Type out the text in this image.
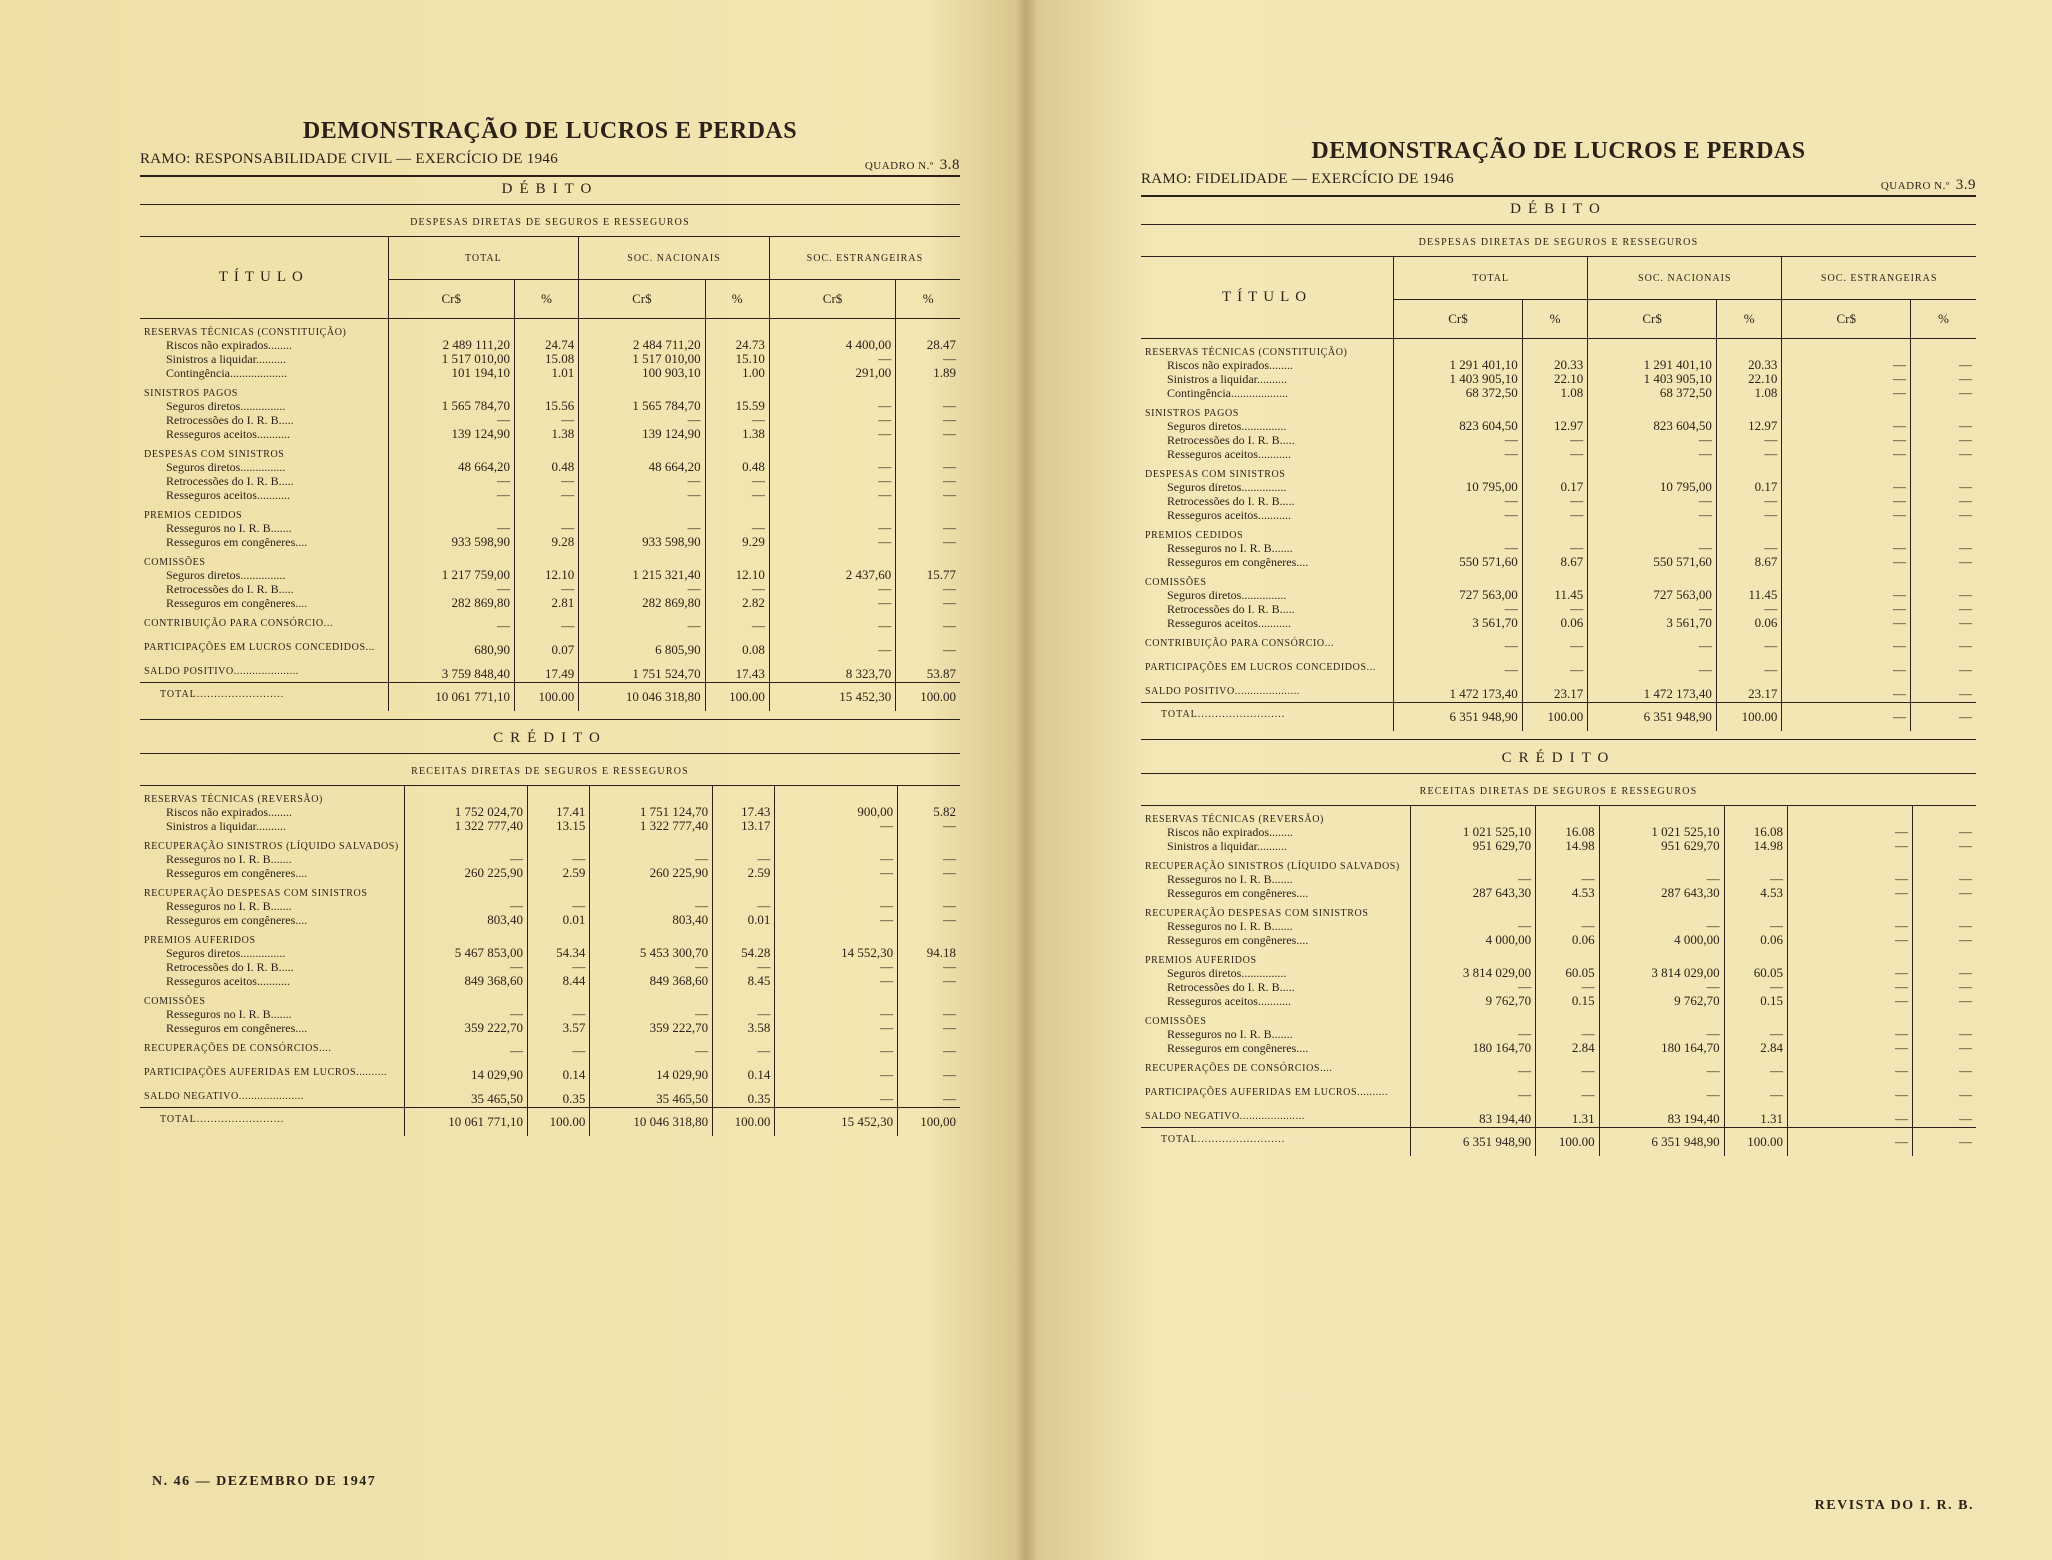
DEMONSTRAÇÃO DE LUCROS E PERDAS
RAMO: RESPONSABILIDADE CIVIL — EXERCÍCIO DE 1946	QUADRO N.º 3.8
DÉBITO
DESPESAS DIRETAS DE SEGUROS E RESSEGUROS
TÍTULO	TOTAL		SOC. NACIONAIS		SOC. ESTRANGEIRAS	
	Cr$	%	Cr$	%	Cr$	%
RESERVAS TÉCNICAS (CONSTITUIÇÃO)						
Riscos não expirados........	2 489 111,20	24.74	2 484 711,20	24.73	4 400,00	28.47
Sinistros a liquidar..........	1 517 010,00	15.08	1 517 010,00	15.10	—	—
Contingência...................	101 194,10	1.01	100 903,10	1.00	291,00	1.89
SINISTROS PAGOS						
Seguros diretos...............	1 565 784,70	15.56	1 565 784,70	15.59	—	—
Retrocessões do I. R. B.....	—	—	—	—	—	—
Resseguros aceitos...........	139 124,90	1.38	139 124,90	1.38	—	—
DESPESAS COM SINISTROS						
Seguros diretos...............	48 664,20	0.48	48 664,20	0.48	—	—
Retrocessões do I. R. B.....	—	—	—	—	—	—
Resseguros aceitos...........	—	—	—	—	—	—
PREMIOS CEDIDOS						
Resseguros no I. R. B.......	—	—	—	—	—	—
Resseguros em congêneres....	933 598,90	9.28	933 598,90	9.29	—	—
COMISSÕES						
Seguros diretos...............	1 217 759,00	12.10	1 215 321,40	12.10	2 437,60	15.77
Retrocessões do I. R. B.....	—	—	—	—	—	—
Resseguros em congêneres....	282 869,80	2.81	282 869,80	2.82	—	—
CONTRIBUIÇÃO PARA CONSÓRCIO...	—	—	—	—	—	—
PARTICIPAÇÕES EM LUCROS CONCEDIDOS...	680,90	0.07	6 805,90	0.08	—	—
SALDO POSITIVO.....................	3 759 848,40	17.49	1 751 524,70	17.43	8 323,70	53.87
TOTAL.........................	10 061 771,10	100.00	10 046 318,80	100.00	15 452,30	100.00
CRÉDITO
RECEITAS DIRETAS DE SEGUROS E RESSEGUROS
RESERVAS TÉCNICAS (REVERSÃO)						
Riscos não expirados........	1 752 024,70	17.41	1 751 124,70	17.43	900,00	5.82
Sinistros a liquidar..........	1 322 777,40	13.15	1 322 777,40	13.17	—	—
RECUPERAÇÃO SINISTROS (LÍQUIDO SALVADOS)						
Resseguros no I. R. B.......	—	—	—	—	—	—
Resseguros em congêneres....	260 225,90	2.59	260 225,90	2.59	—	—
RECUPERAÇÃO DESPESAS COM SINISTROS						
Resseguros no I. R. B.......	—	—	—	—	—	—
Resseguros em congêneres....	803,40	0.01	803,40	0.01	—	—
PREMIOS AUFERIDOS						
Seguros diretos...............	5 467 853,00	54.34	5 453 300,70	54.28	14 552,30	94.18
Retrocessões do I. R. B.....	—	—	—	—	—	—
Resseguros aceitos...........	849 368,60	8.44	849 368,60	8.45	—	—
COMISSÕES						
Resseguros no I. R. B.......	—	—	—	—	—	—
Resseguros em congêneres....	359 222,70	3.57	359 222,70	3.58	—	—
RECUPERAÇÕES DE CONSÓRCIOS....	—	—	—	—	—	—
PARTICIPAÇÕES AUFERIDAS EM LUCROS..........	14 029,90	0.14	14 029,90	0.14	—	—
SALDO NEGATIVO.....................	35 465,50	0.35	35 465,50	0.35	—	—
TOTAL.........................	10 061 771,10	100.00	10 046 318,80	100.00	15 452,30	100,00
N. 46 — DEZEMBRO DE 1947
DEMONSTRAÇÃO DE LUCROS E PERDAS
RAMO: FIDELIDADE — EXERCÍCIO DE 1946	QUADRO N.º 3.9
DÉBITO
DESPESAS DIRETAS DE SEGUROS E RESSEGUROS
TÍTULO	TOTAL		SOC. NACIONAIS		SOC. ESTRANGEIRAS	
	Cr$	%	Cr$	%	Cr$	%
RESERVAS TÉCNICAS (CONSTITUIÇÃO)						
Riscos não expirados........	1 291 401,10	20.33	1 291 401,10	20.33	—	—
Sinistros a liquidar..........	1 403 905,10	22.10	1 403 905,10	22.10	—	—
Contingência...................	68 372,50	1.08	68 372,50	1.08	—	—
SINISTROS PAGOS						
Seguros diretos...............	823 604,50	12.97	823 604,50	12.97	—	—
Retrocessões do I. R. B.....	—	—	—	—	—	—
Resseguros aceitos...........	—	—	—	—	—	—
DESPESAS COM SINISTROS						
Seguros diretos...............	10 795,00	0.17	10 795,00	0.17	—	—
Retrocessões do I. R. B.....	—	—	—	—	—	—
Resseguros aceitos...........	—	—	—	—	—	—
PREMIOS CEDIDOS						
Resseguros no I. R. B.......	—	—	—	—	—	—
Resseguros em congêneres....	550 571,60	8.67	550 571,60	8.67	—	—
COMISSÕES						
Seguros diretos...............	727 563,00	11.45	727 563,00	11.45	—	—
Retrocessões do I. R. B.....	—	—	—	—	—	—
Resseguros aceitos...........	3 561,70	0.06	3 561,70	0.06	—	—
CONTRIBUIÇÃO PARA CONSÓRCIO...	—	—	—	—	—	—
PARTICIPAÇÕES EM LUCROS CONCEDIDOS...	—	—	—	—	—	—
SALDO POSITIVO.....................	1 472 173,40	23.17	1 472 173,40	23.17	—	—
TOTAL.........................	6 351 948,90	100.00	6 351 948,90	100.00	—	—
CRÉDITO
RECEITAS DIRETAS DE SEGUROS E RESSEGUROS
RESERVAS TÉCNICAS (REVERSÃO)						
Riscos não expirados........	1 021 525,10	16.08	1 021 525,10	16.08	—	—
Sinistros a liquidar..........	951 629,70	14.98	951 629,70	14.98	—	—
RECUPERAÇÃO SINISTROS (LÍQUIDO SALVADOS)						
Resseguros no I. R. B.......	—	—	—	—	—	—
Resseguros em congêneres....	287 643,30	4.53	287 643,30	4.53	—	—
RECUPERAÇÃO DESPESAS COM SINISTROS						
Resseguros no I. R. B.......	—	—	—	—	—	—
Resseguros em congêneres....	4 000,00	0.06	4 000,00	0.06	—	—
PREMIOS AUFERIDOS						
Seguros diretos...............	3 814 029,00	60.05	3 814 029,00	60.05	—	—
Retrocessões do I. R. B.....	—	—	—	—	—	—
Resseguros aceitos...........	9 762,70	0.15	9 762,70	0.15	—	—
COMISSÕES						
Resseguros no I. R. B.......	—	—	—	—	—	—
Resseguros em congêneres....	180 164,70	2.84	180 164,70	2.84	—	—
RECUPERAÇÕES DE CONSÓRCIOS....	—	—	—	—	—	—
PARTICIPAÇÕES AUFERIDAS EM LUCROS..........	—	—	—	—	—	—
SALDO NEGATIVO.....................	83 194,40	1.31	83 194,40	1.31	—	—
TOTAL.........................	6 351 948,90	100.00	6 351 948,90	100.00	—	—
REVISTA DO I. R. B.
